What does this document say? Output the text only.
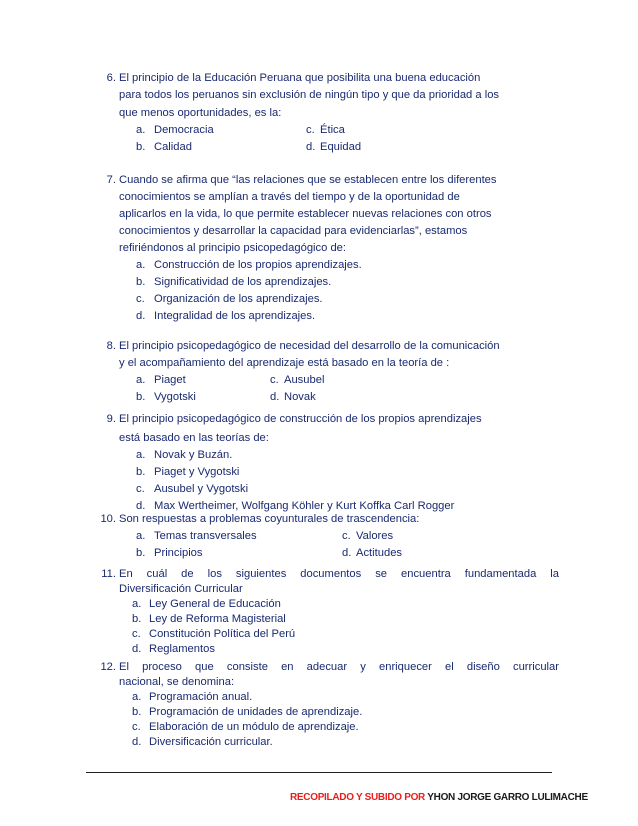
6. El principio de la Educación Peruana que posibilita una buena educación
para todos los peruanos sin exclusión de ningún tipo y que da prioridad a los
que menos oportunidades, es la:
a. Democracia	c. Ética
b. Calidad	d. Equidad
7. Cuando se afirma que “las relaciones que se establecen entre los diferentes
conocimientos se amplían a través del tiempo y de la oportunidad de
aplicarlos en la vida, lo que permite establecer nuevas relaciones con otros
conocimientos y desarrollar la capacidad para evidenciarlas”, estamos
refiriéndonos al principio psicopedagógico de:
a. Construcción de los propios aprendizajes.
b. Significatividad de los aprendizajes.
c. Organización de los aprendizajes.
d. Integralidad de los aprendizajes.
8. El principio psicopedagógico de necesidad del desarrollo de la comunicación
y el acompañamiento del aprendizaje está basado en la teoría de :
a. Piaget	c. Ausubel
b. Vygotski	d. Novak
9. El principio psicopedagógico de construcción de los propios aprendizajes
está basado en las teorías de:
a. Novak y Buzán.
b. Piaget y Vygotski
c. Ausubel y Vygotski
d. Max Wertheimer, Wolfgang Köhler y Kurt Koffka Carl Rogger
10. Son respuestas a problemas coyunturales de trascendencia:
a. Temas transversales	c. Valores
b. Principios	d. Actitudes
11. En cuál de los siguientes documentos se encuentra fundamentada la
Diversificación Curricular
a. Ley General de Educación
b. Ley de Reforma Magisterial
c. Constitución Política del Perú
d. Reglamentos
12. El proceso que consiste en adecuar y enriquecer el diseño curricular
nacional, se denomina:
a. Programación anual.
b. Programación de unidades de aprendizaje.
c. Elaboración de un módulo de aprendizaje.
d. Diversificación curricular.
RECOPILADO Y SUBIDO POR YHON JORGE GARRO LULIMACHE
